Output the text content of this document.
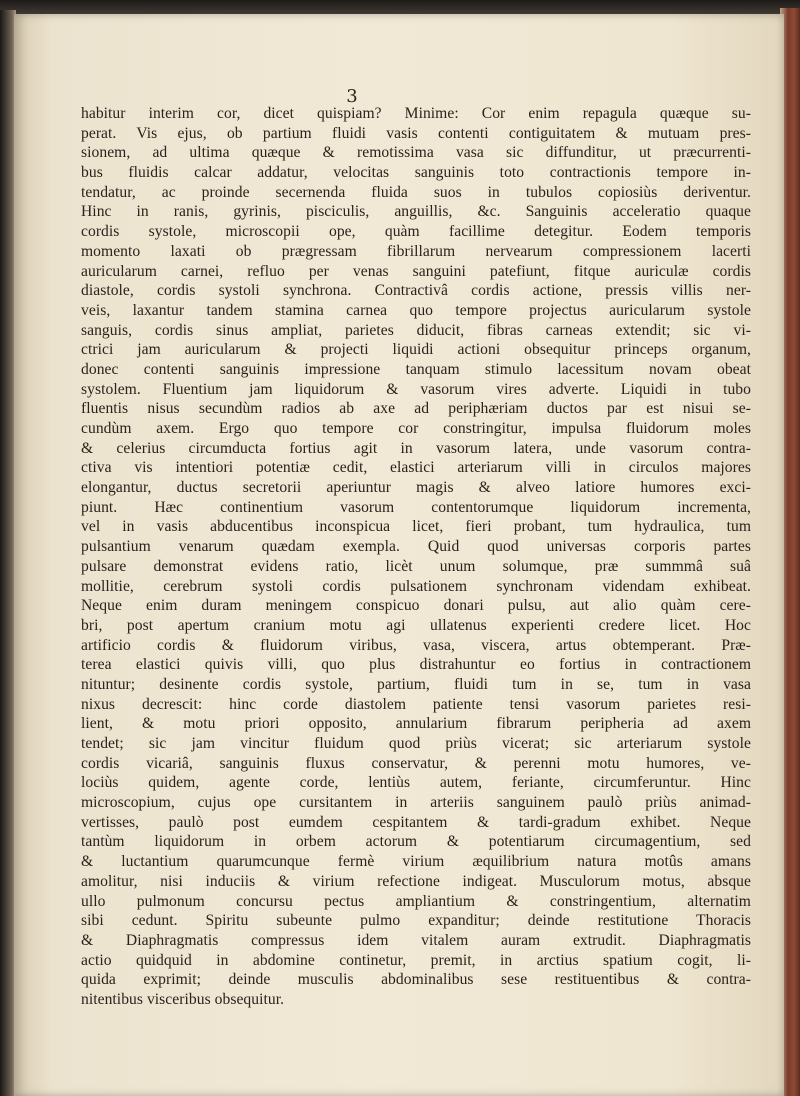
3
habitur interim cor, dicet quispiam? Minime: Cor enim repagula quæque su-
perat. Vis ejus, ob partium fluidi vasis contenti contiguitatem & mutuam pres-
sionem, ad ultima quæque & remotissima vasa sic diffunditur, ut præcurrenti-
bus fluidis calcar addatur, velocitas sanguinis toto contractionis tempore in-
tendatur, ac proinde secernenda fluida suos in tubulos copiosiùs deriventur.
Hinc in ranis, gyrinis, pisciculis, anguillis, &c. Sanguinis acceleratio quaque
cordis systole, microscopii ope, quàm facillime detegitur. Eodem temporis
momento laxati ob prægressam fibrillarum nervearum compressionem lacerti
auricularum carnei, refluo per venas sanguini patefiunt, fitque auriculæ cordis
diastole, cordis systoli synchrona. Contractivâ cordis actione, pressis villis ner-
veis, laxantur tandem stamina carnea quo tempore projectus auricularum systole
sanguis, cordis sinus ampliat, parietes diducit, fibras carneas extendit; sic vi-
ctrici jam auricularum & projecti liquidi actioni obsequitur princeps organum,
donec contenti sanguinis impressione tanquam stimulo lacessitum novam obeat
systolem. Fluentium jam liquidorum & vasorum vires adverte. Liquidi in tubo
fluentis nisus secundùm radios ab axe ad periphæriam ductos par est nisui se-
cundùm axem. Ergo quo tempore cor constringitur, impulsa fluidorum moles
& celerius circumducta fortius agit in vasorum latera, unde vasorum contra-
ctiva vis intentiori potentiæ cedit, elastici arteriarum villi in circulos majores
elongantur, ductus secretorii aperiuntur magis & alveo latiore humores exci-
piunt. Hæc continentium vasorum contentorumque liquidorum incrementa,
vel in vasis abducentibus inconspicua licet, fieri probant, tum hydraulica, tum
pulsantium venarum quædam exempla. Quid quod universas corporis partes
pulsare demonstrat evidens ratio, licèt unum solumque, præ summmâ suâ
mollitie, cerebrum systoli cordis pulsationem synchronam videndam exhibeat.
Neque enim duram meningem conspicuo donari pulsu, aut alio quàm cere-
bri, post apertum cranium motu agi ullatenus experienti credere licet. Hoc
artificio cordis & fluidorum viribus, vasa, viscera, artus obtemperant. Præ-
terea elastici quivis villi, quo plus distrahuntur eo fortius in contractionem
nituntur; desinente cordis systole, partium, fluidi tum in se, tum in vasa
nixus decrescit: hinc corde diastolem patiente tensi vasorum parietes resi-
lient, & motu priori opposito, annularium fibrarum peripheria ad axem
tendet; sic jam vincitur fluidum quod priùs vicerat; sic arteriarum systole
cordis vicariâ, sanguinis fluxus conservatur, & perenni motu humores, ve-
lociùs quidem, agente corde, lentiùs autem, feriante, circumferuntur. Hinc
microscopium, cujus ope cursitantem in arteriis sanguinem paulò priùs animad-
vertisses, paulò post eumdem cespitantem & tardi-gradum exhibet. Neque
tantùm liquidorum in orbem actorum & potentiarum circumagentium, sed
& luctantium quarumcunque fermè virium æquilibrium natura motûs amans
amolitur, nisi induciis & virium refectione indigeat. Musculorum motus, absque
ullo pulmonum concursu pectus ampliantium & constringentium, alternatim
sibi cedunt. Spiritu subeunte pulmo expanditur; deinde restitutione Thoracis
& Diaphragmatis compressus idem vitalem auram extrudit. Diaphragmatis
actio quidquid in abdomine continetur, premit, in arctius spatium cogit, li-
quida exprimit; deinde musculis abdominalibus sese restituentibus & contra-
nitentibus visceribus obsequitur.
